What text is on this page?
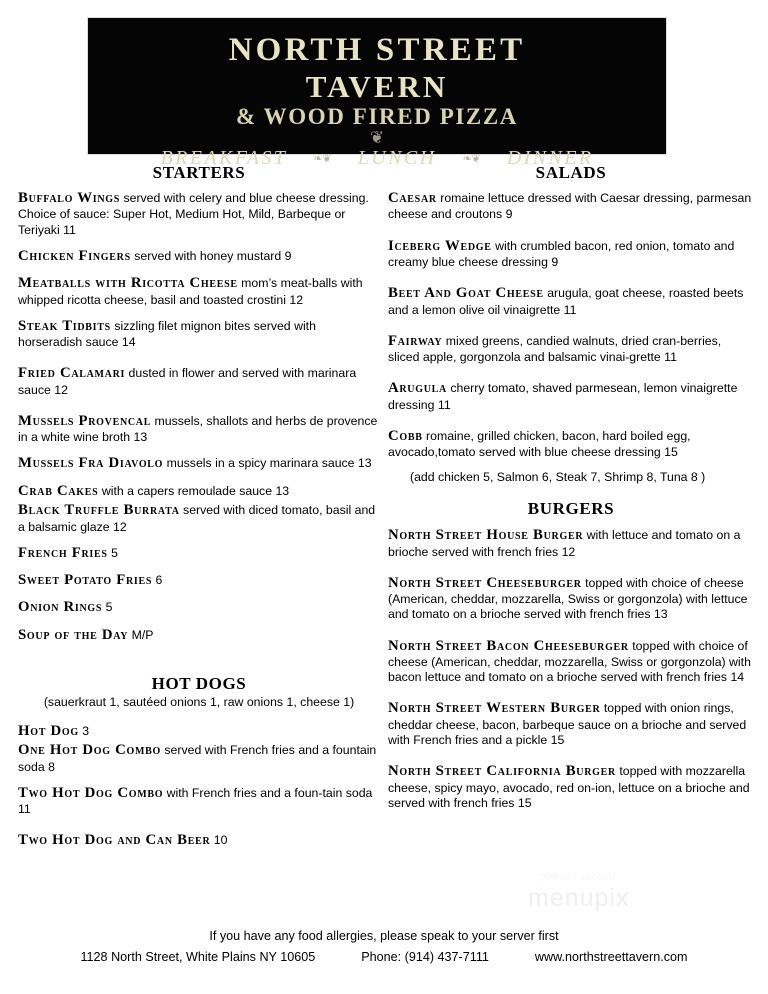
NORTH STREET
TAVERN
& WOOD FIRED PIZZA
❦
BREAKFAST ❧❦ LUNCH ❧❦ DINNER
STARTERS
Buffalo Wings served with celery and blue cheese dressing. Choice of sauce: Super Hot, Medium Hot, Mild, Barbeque or Teriyaki 11
Chicken Fingers served with honey mustard 9
Meatballs with Ricotta Cheese mom’s meat-balls with whipped ricotta cheese, basil and toasted crostini 12
Steak Tidbits sizzling filet mignon bites served with horseradish sauce 14
Fried Calamari dusted in flower and served with marinara sauce 12
Mussels Provencal mussels, shallots and herbs de provence in a white wine broth 13
Mussels Fra Diavolo mussels in a spicy marinara sauce 13
Crab Cakes with a capers remoulade sauce 13
Black Truffle Burrata served with diced tomato, basil and a balsamic glaze 12
French Fries 5
Sweet Potato Fries 6
Onion Rings 5
Soup of the Day M/P
HOT DOGS
(sauerkraut 1, sautéed onions 1, raw onions 1, cheese 1)
Hot Dog 3
One Hot Dog Combo served with French fries and a fountain soda 8
Two Hot Dog Combo with French fries and a foun-tain soda 11
Two Hot Dog and Can Beer 10
SALADS
Caesar romaine lettuce dressed with Caesar dressing, parmesan cheese and croutons 9
Iceberg Wedge with crumbled bacon, red onion, tomato and creamy blue cheese dressing 9
Beet And Goat Cheese arugula, goat cheese, roasted beets and a lemon olive oil vinaigrette 11
Fairway mixed greens, candied walnuts, dried cran-berries, sliced apple, gorgonzola and balsamic vinai-grette 11
Arugula cherry tomato, shaved parmesean, lemon vinaigrette dressing 11
Cobb romaine, grilled chicken, bacon, hard boiled egg, avocado,tomato served with blue cheese dressing 15
(add chicken 5, Salmon 6, Steak 7, Shrimp 8, Tuna 8 )
BURGERS
North Street House Burger with lettuce and tomato on a brioche served with french fries 12
North Street Cheeseburger topped with choice of cheese (American, cheddar, mozzarella, Swiss or gorgonzola) with lettuce and tomato on a brioche served with french fries 13
North Street Bacon Cheeseburger topped with choice of cheese (American, cheddar, mozzarella, Swiss or gorgonzola) with bacon lettuce and tomato on a brioche served with french fries 14
North Street Western Burger topped with onion rings, cheddar cheese, bacon, barbeque sauce on a brioche and served with French fries and a pickle 15
North Street California Burger topped with mozzarella cheese, spicy mayo, avocado, red on-ion, lettuce on a brioche and served with french fries 15
pull-out section
menupix
If you have any food allergies, please speak to your server first
1128 North Street, White Plains NY 10605	Phone: (914) 437-7111	www.northstreettavern.com
